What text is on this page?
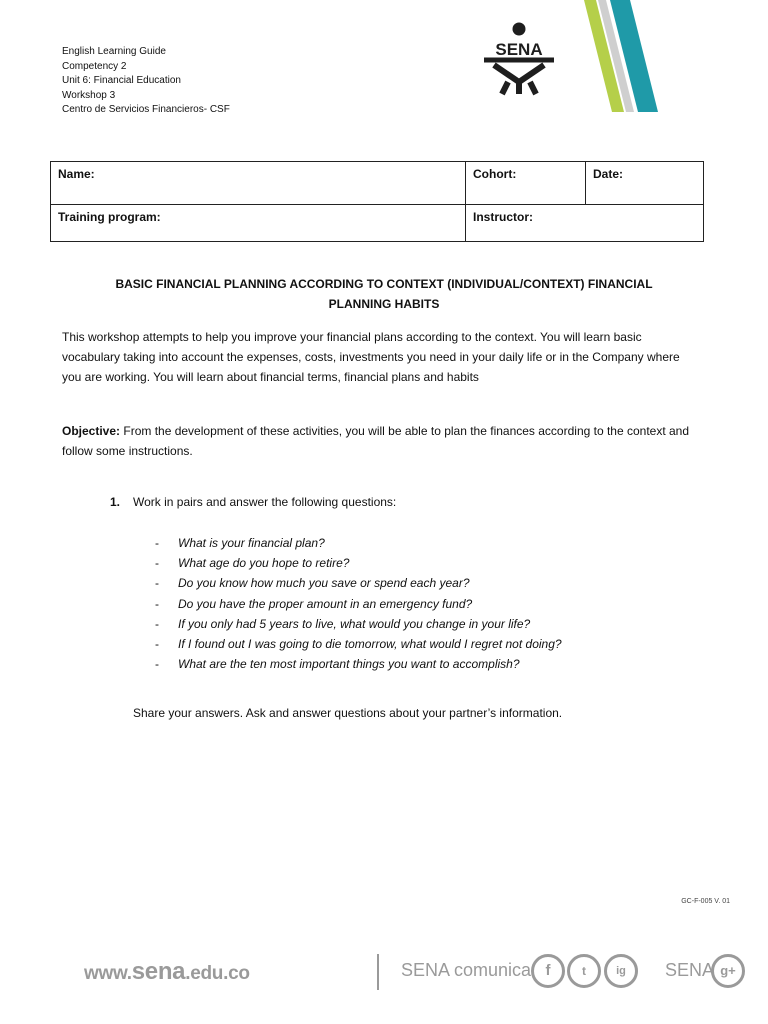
English Learning Guide
Competency 2
Unit 6: Financial Education
Workshop 3
Centro de Servicios Financieros- CSF
SENA
Name:	Cohort:	Date:
Training program:	Instructor:	
BASIC FINANCIAL PLANNING ACCORDING TO CONTEXT (INDIVIDUAL/CONTEXT) FINANCIAL PLANNING HABITS
This workshop attempts to help you improve your financial plans according to the context. You will learn basic vocabulary taking into account the expenses, costs, investments you need in your daily life or in the Company where you are working. You will learn about financial terms, financial plans and habits
Objective: From the development of these activities, you will be able to plan the finances according to the context and follow some instructions.
1. Work in pairs and answer the following questions:
- What is your financial plan?
- What age do you hope to retire?
- Do you know how much you save or spend each year?
- Do you have the proper amount in an emergency fund?
- If you only had 5 years to live, what would you change in your life?
- If I found out I was going to die tomorrow, what would I regret not doing?
- What are the ten most important things you want to accomplish?
Share your answers. Ask and answer questions about your partner’s information.
GC-F-005 V. 01
www.sena.edu.co	SENA comunica f	t	ig	SENA g+
